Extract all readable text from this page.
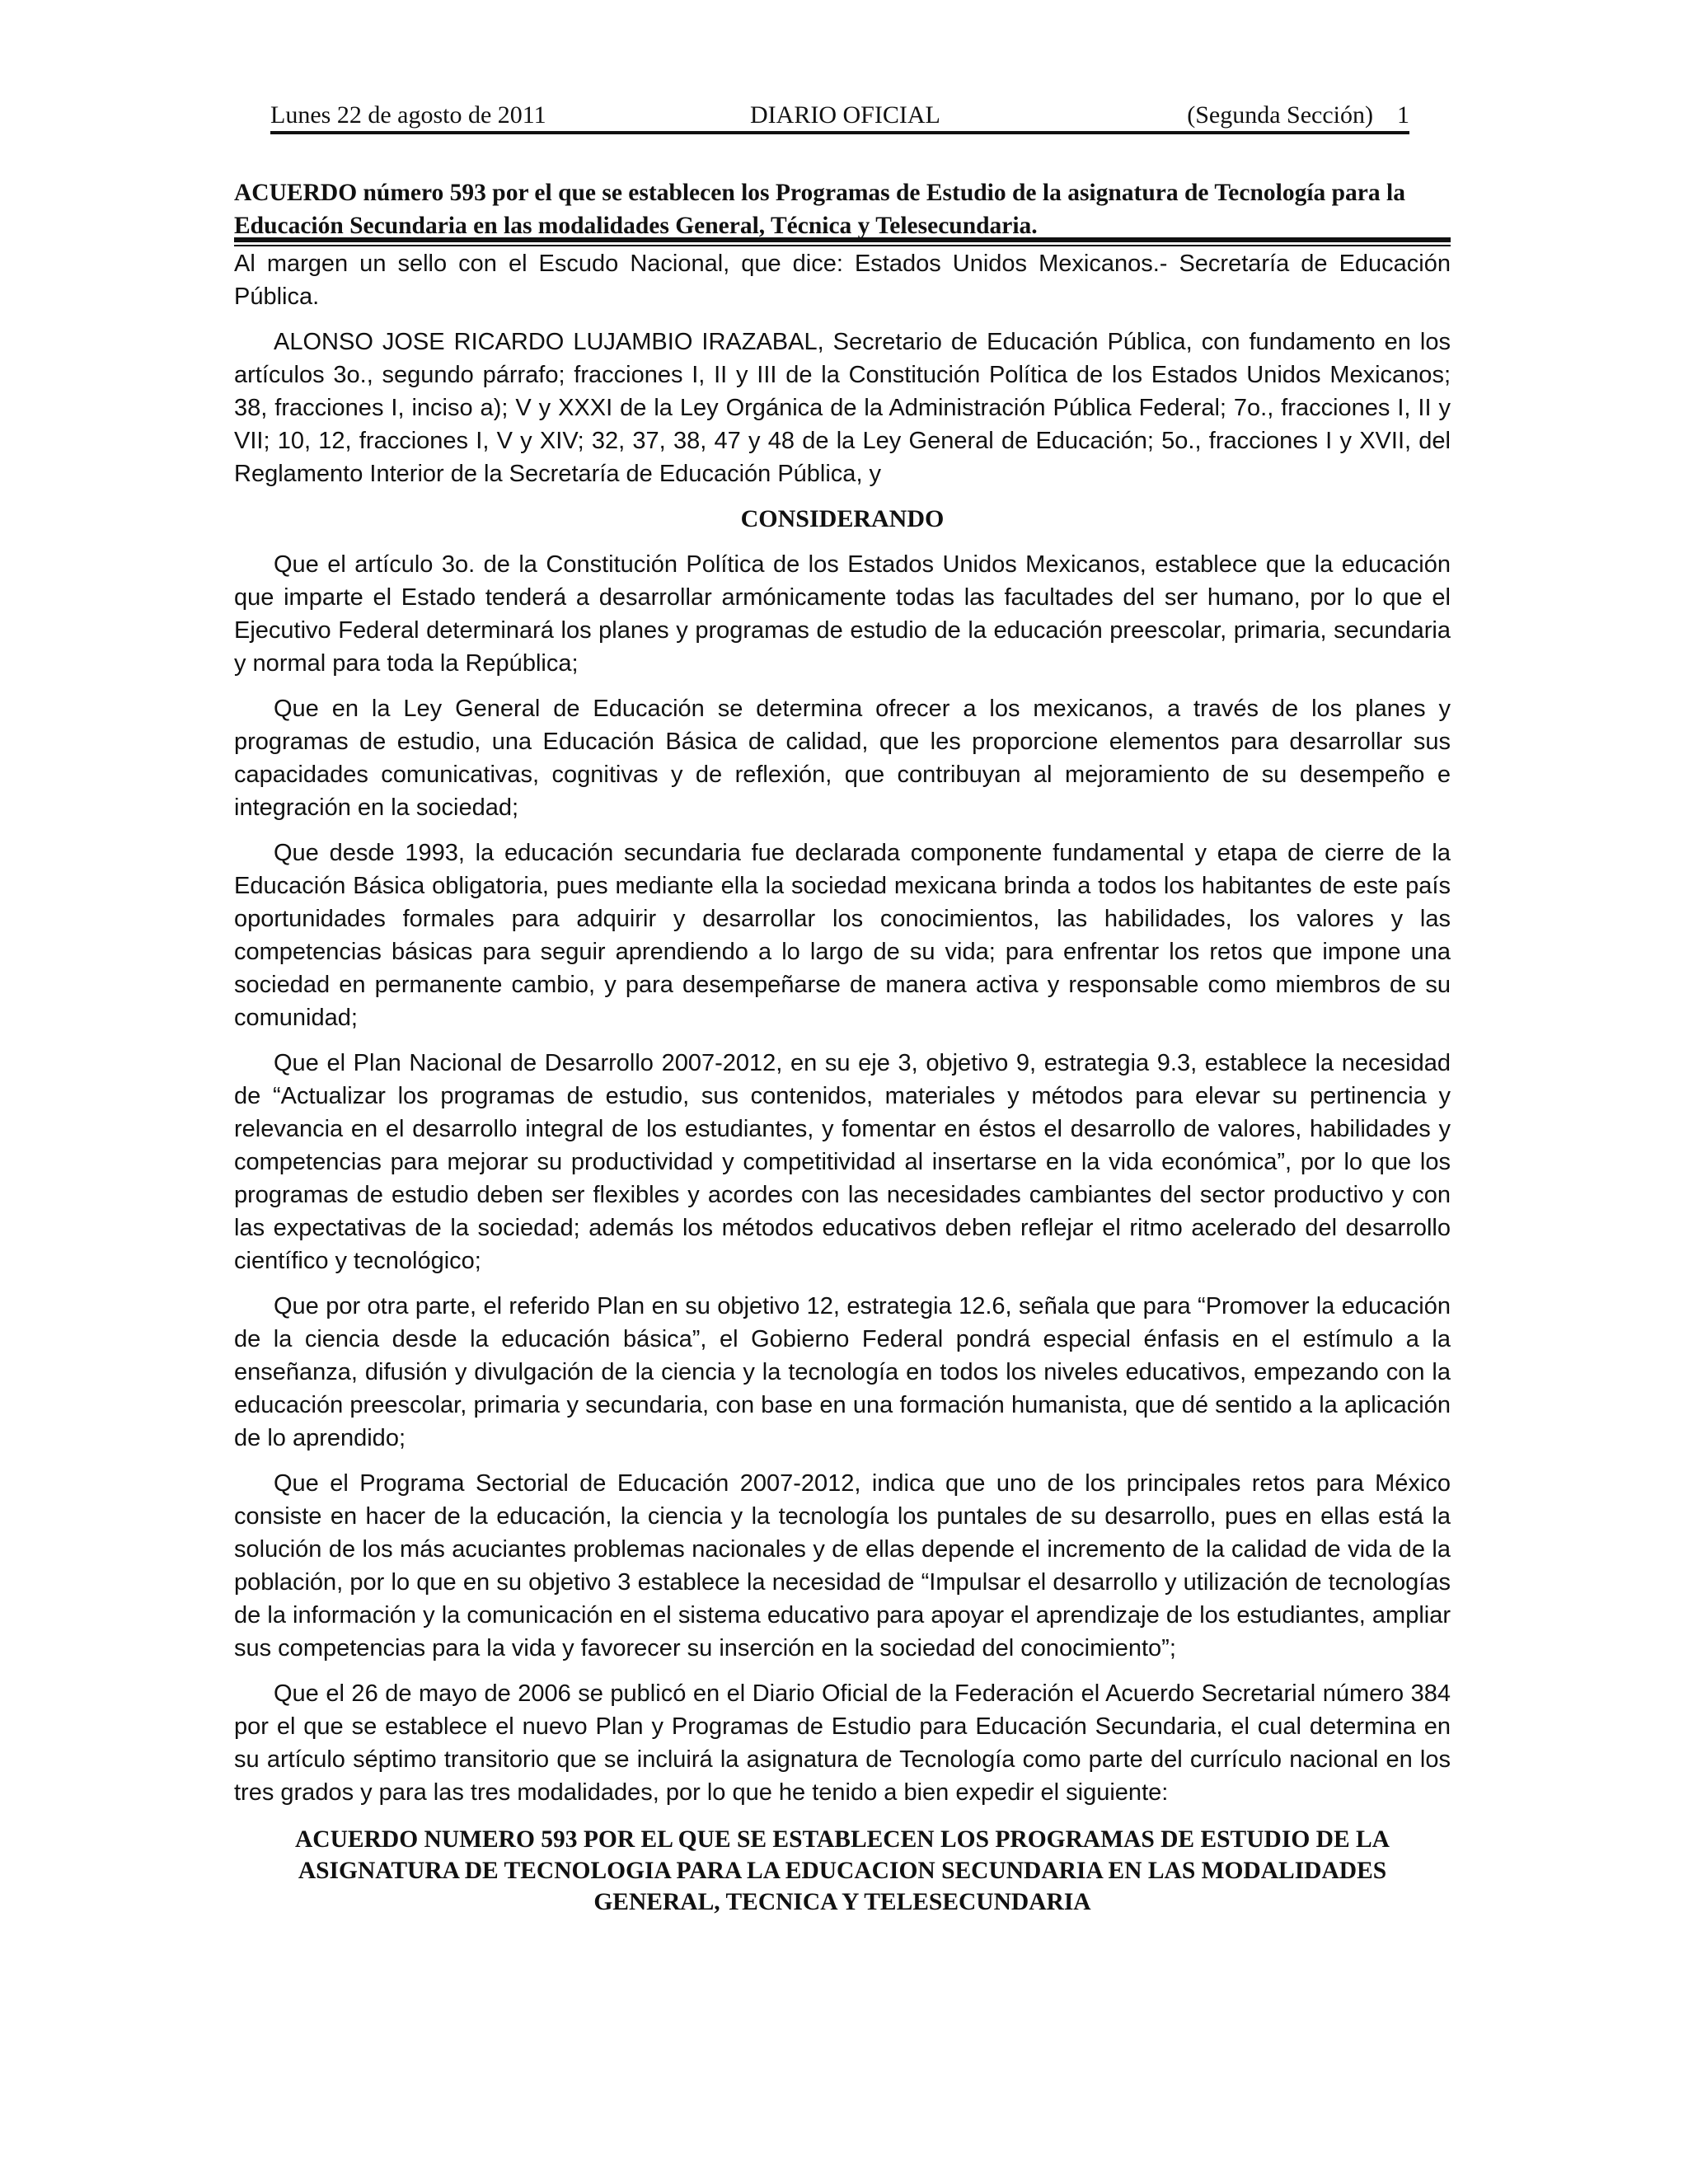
Lunes 22 de agosto de 2011	DIARIO OFICIAL	(Segunda Sección) 1
ACUERDO número 593 por el que se establecen los Programas de Estudio de la asignatura de Tecnología para la Educación Secundaria en las modalidades General, Técnica y Telesecundaria.

Al margen un sello con el Escudo Nacional, que dice: Estados Unidos Mexicanos.- Secretaría de Educación Pública.

ALONSO JOSE RICARDO LUJAMBIO IRAZABAL, Secretario de Educación Pública, con fundamento en los artículos 3o., segundo párrafo; fracciones I, II y III de la Constitución Política de los Estados Unidos Mexicanos; 38, fracciones I, inciso a); V y XXXI de la Ley Orgánica de la Administración Pública Federal; 7o., fracciones I, II y VII; 10, 12, fracciones I, V y XIV; 32, 37, 38, 47 y 48 de la Ley General de Educación; 5o., fracciones I y XVII, del Reglamento Interior de la Secretaría de Educación Pública, y

CONSIDERANDO

Que el artículo 3o. de la Constitución Política de los Estados Unidos Mexicanos, establece que la educación que imparte el Estado tenderá a desarrollar armónicamente todas las facultades del ser humano, por lo que el Ejecutivo Federal determinará los planes y programas de estudio de la educación preescolar, primaria, secundaria y normal para toda la República;

Que en la Ley General de Educación se determina ofrecer a los mexicanos, a través de los planes y programas de estudio, una Educación Básica de calidad, que les proporcione elementos para desarrollar sus capacidades comunicativas, cognitivas y de reflexión, que contribuyan al mejoramiento de su desempeño e integración en la sociedad;

Que desde 1993, la educación secundaria fue declarada componente fundamental y etapa de cierre de la Educación Básica obligatoria, pues mediante ella la sociedad mexicana brinda a todos los habitantes de este país oportunidades formales para adquirir y desarrollar los conocimientos, las habilidades, los valores y las competencias básicas para seguir aprendiendo a lo largo de su vida; para enfrentar los retos que impone una sociedad en permanente cambio, y para desempeñarse de manera activa y responsable como miembros de su comunidad;

Que el Plan Nacional de Desarrollo 2007-2012, en su eje 3, objetivo 9, estrategia 9.3, establece la necesidad de “Actualizar los programas de estudio, sus contenidos, materiales y métodos para elevar su pertinencia y relevancia en el desarrollo integral de los estudiantes, y fomentar en éstos el desarrollo de valores, habilidades y competencias para mejorar su productividad y competitividad al insertarse en la vida económica”, por lo que los programas de estudio deben ser flexibles y acordes con las necesidades cambiantes del sector productivo y con las expectativas de la sociedad; además los métodos educativos deben reflejar el ritmo acelerado del desarrollo científico y tecnológico;

Que por otra parte, el referido Plan en su objetivo 12, estrategia 12.6, señala que para “Promover la educación de la ciencia desde la educación básica”, el Gobierno Federal pondrá especial énfasis en el estímulo a la enseñanza, difusión y divulgación de la ciencia y la tecnología en todos los niveles educativos, empezando con la educación preescolar, primaria y secundaria, con base en una formación humanista, que dé sentido a la aplicación de lo aprendido;

Que el Programa Sectorial de Educación 2007-2012, indica que uno de los principales retos para México consiste en hacer de la educación, la ciencia y la tecnología los puntales de su desarrollo, pues en ellas está la solución de los más acuciantes problemas nacionales y de ellas depende el incremento de la calidad de vida de la población, por lo que en su objetivo 3 establece la necesidad de “Impulsar el desarrollo y utilización de tecnologías de la información y la comunicación en el sistema educativo para apoyar el aprendizaje de los estudiantes, ampliar sus competencias para la vida y favorecer su inserción en la sociedad del conocimiento”;

Que el 26 de mayo de 2006 se publicó en el Diario Oficial de la Federación el Acuerdo Secretarial número 384 por el que se establece el nuevo Plan y Programas de Estudio para Educación Secundaria, el cual determina en su artículo séptimo transitorio que se incluirá la asignatura de Tecnología como parte del currículo nacional en los tres grados y para las tres modalidades, por lo que he tenido a bien expedir el siguiente:

ACUERDO NUMERO 593 POR EL QUE SE ESTABLECEN LOS PROGRAMAS DE ESTUDIO DE LA ASIGNATURA DE TECNOLOGIA PARA LA EDUCACION SECUNDARIA EN LAS MODALIDADES GENERAL, TECNICA Y TELESECUNDARIA
